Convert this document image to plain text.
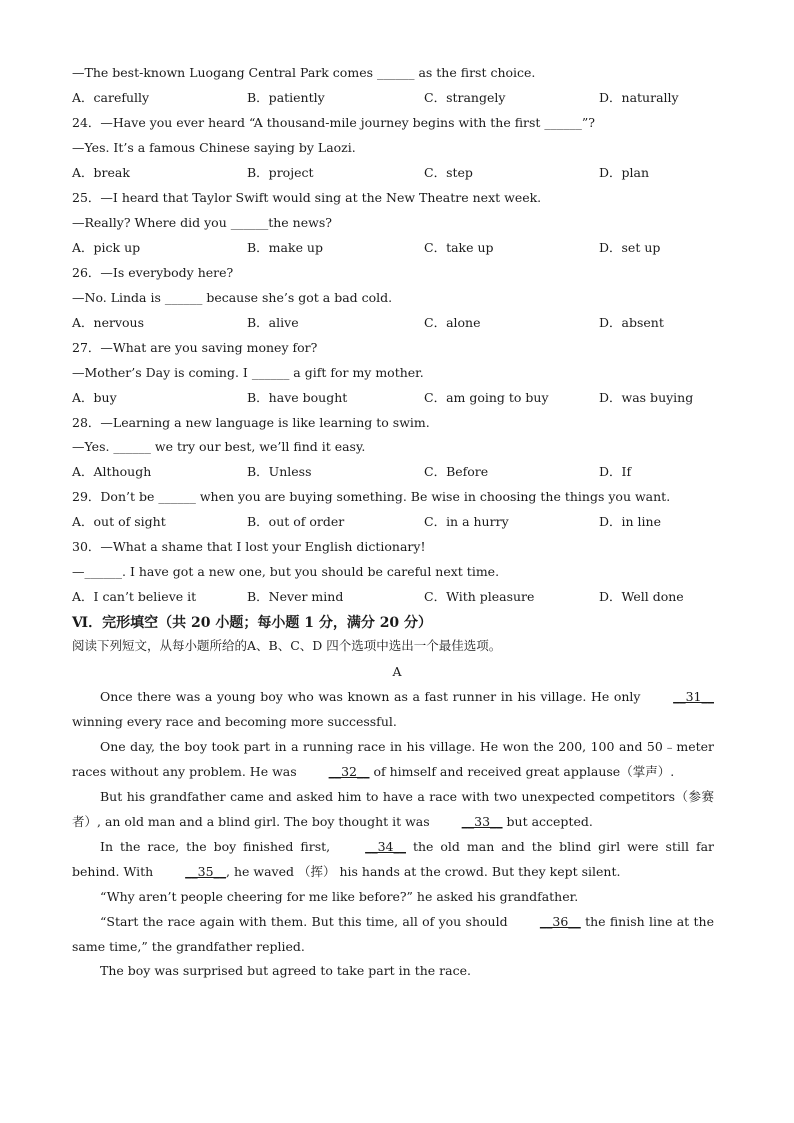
—The best-known Luogang Central Park comes ______ as the first choice.
A．carefully	B．patiently	C．strangely	D．naturally
24．—Have you ever heard “A thousand-mile journey begins with the first ______”?
—Yes. It’s a famous Chinese saying by Laozi.
A．break	B．project	C．step	D．plan
25．—I heard that Taylor Swift would sing at the New Theatre next week.
—Really? Where did you ______the news?
A．pick up	B．make up	C．take up	D．set up
26．—Is everybody here?
—No. Linda is ______ because she’s got a bad cold.
A．nervous	B．alive	C．alone	D．absent
27．—What are you saving money for?
—Mother’s Day is coming. I ______ a gift for my mother.
A．buy	B．have bought	C．am going to buy	D．was buying
28．—Learning a new language is like learning to swim.
—Yes. ______ we try our best, we’ll find it easy.
A．Although	B．Unless	C．Before	D．If
29．Don’t be ______ when you are buying something. Be wise in choosing the things you want.
A．out of sight	B．out of order	C．in a hurry	D．in line
30．—What a shame that I lost your English dictionary!
—______. I have got a new one, but you should be careful next time.
A．I can’t believe it	B．Never mind	C．With pleasure	D．Well done
Ⅵ．完形填空（共 20 小题；每小题 1 分，满分 20 分）
阅读下列短文，从每小题所给的A、B、C、D 四个选项中选出一个最佳选项。
A
Once there was a young boy who was known as a fast runner in his village. He only __31__ winning every race and becoming more successful.
One day, the boy took part in a running race in his village. He won the 200, 100 and 50﹣meter races without any problem. He was __32__ of himself and received great applause（掌声）.
But his grandfather came and asked him to have a race with two unexpected competitors（参赛者）, an old man and a blind girl. The boy thought it was __33__ but accepted.
In the race, the boy finished first, __34__ the old man and the blind girl were still far behind. With __35__, he waved （挥） his hands at the crowd. But they kept silent.
“Why aren’t people cheering for me like before?” he asked his grandfather.
“Start the race again with them. But this time, all of you should __36__ the finish line at the same time,” the grandfather replied.
The boy was surprised but agreed to take part in the race.
